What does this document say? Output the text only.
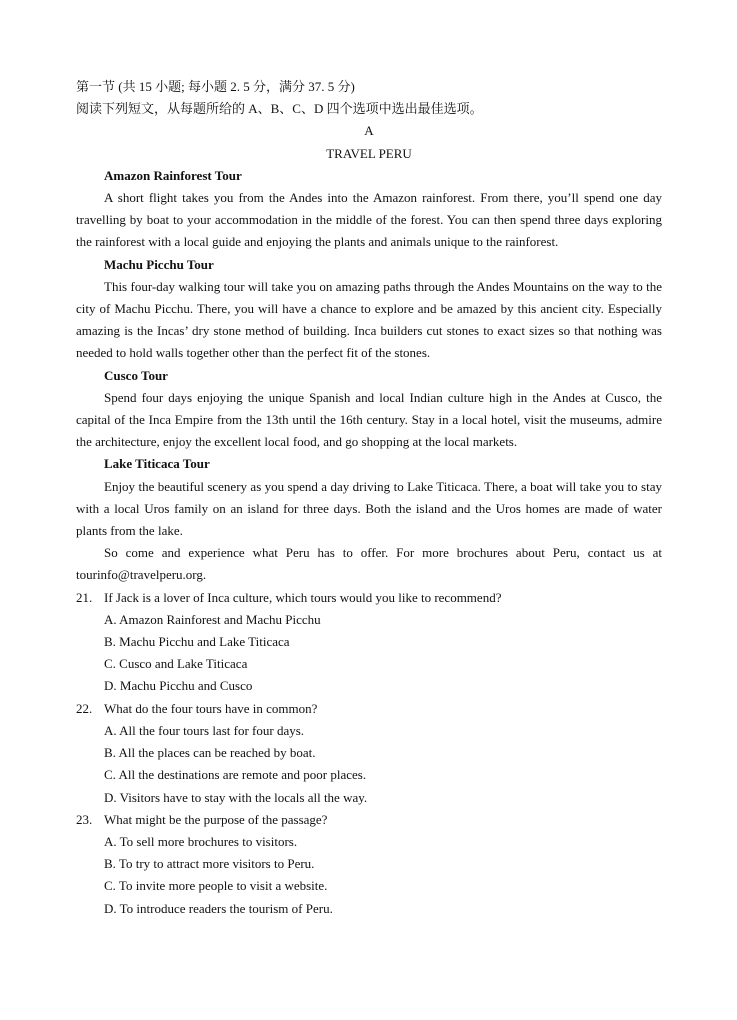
第一节 (共 15 小题; 每小题 2. 5 分，满分 37. 5 分)
阅读下列短文，从每题所给的 A、B、C、D 四个选项中选出最佳选项。
A
TRAVEL PERU
Amazon Rainforest Tour
A short flight takes you from the Andes into the Amazon rainforest. From there, you’ll spend one day travelling by boat to your accommodation in the middle of the forest. You can then spend three days exploring the rainforest with a local guide and enjoying the plants and animals unique to the rainforest.
Machu Picchu Tour
This four-day walking tour will take you on amazing paths through the Andes Mountains on the way to the city of Machu Picchu. There, you will have a chance to explore and be amazed by this ancient city. Especially amazing is the Incas’ dry stone method of building. Inca builders cut stones to exact sizes so that nothing was needed to hold walls together other than the perfect fit of the stones.
Cusco Tour
Spend four days enjoying the unique Spanish and local Indian culture high in the Andes at Cusco, the capital of the Inca Empire from the 13th until the 16th century. Stay in a local hotel, visit the museums, admire the architecture, enjoy the excellent local food, and go shopping at the local markets.
Lake Titicaca Tour
Enjoy the beautiful scenery as you spend a day driving to Lake Titicaca. There, a boat will take you to stay with a local Uros family on an island for three days. Both the island and the Uros homes are made of water plants from the lake.
So come and experience what Peru has to offer. For more brochures about Peru, contact us at tourinfo@travelperu.org.
21. If Jack is a lover of Inca culture, which tours would you like to recommend?
A. Amazon Rainforest and Machu Picchu
B. Machu Picchu and Lake Titicaca
C. Cusco and Lake Titicaca
D. Machu Picchu and Cusco
22. What do the four tours have in common?
A. All the four tours last for four days.
B. All the places can be reached by boat.
C. All the destinations are remote and poor places.
D. Visitors have to stay with the locals all the way.
23. What might be the purpose of the passage?
A. To sell more brochures to visitors.
B. To try to attract more visitors to Peru.
C. To invite more people to visit a website.
D. To introduce readers the tourism of Peru.
